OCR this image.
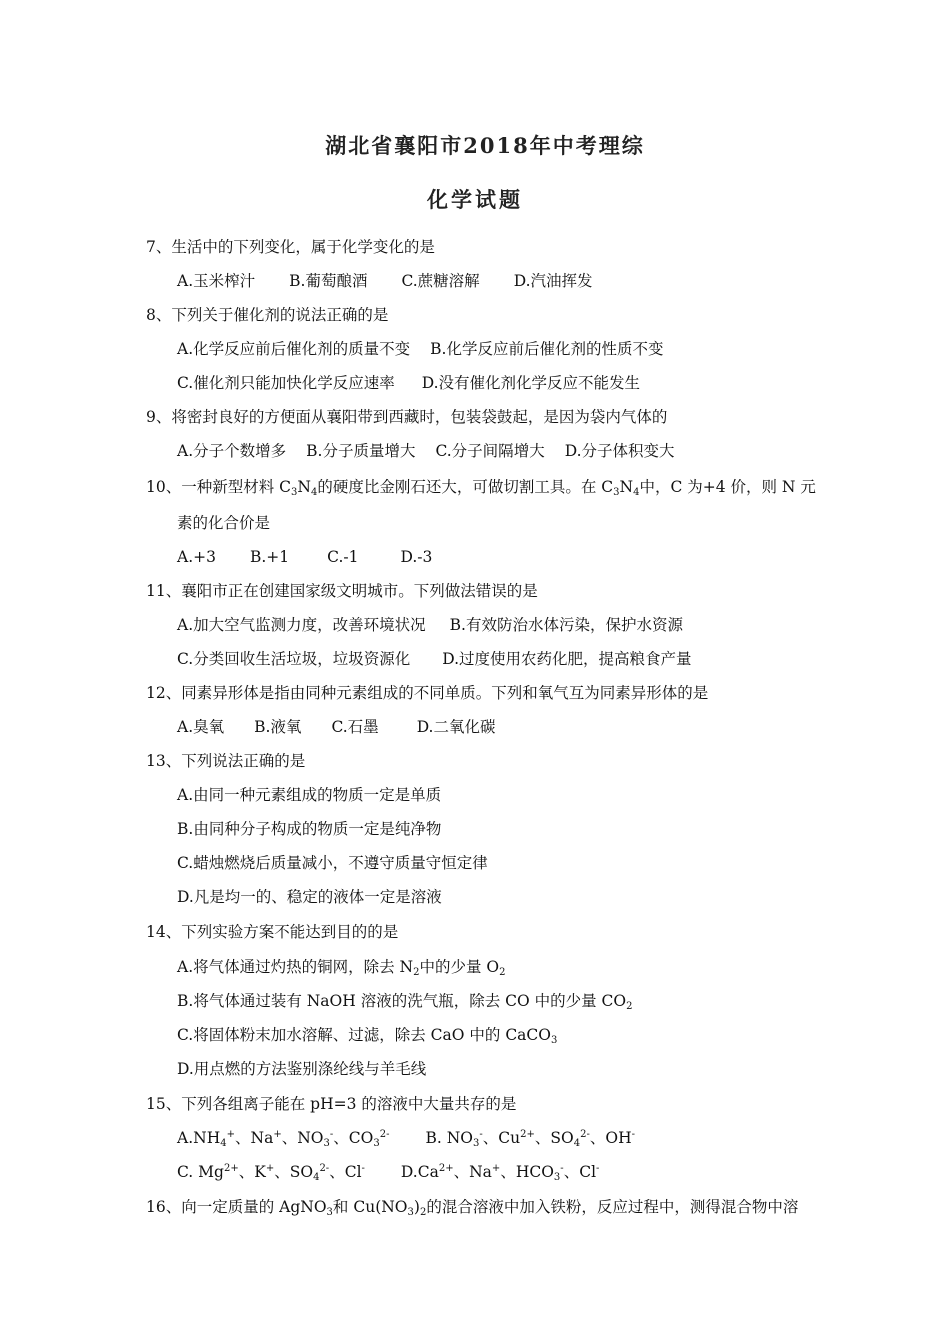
湖北省襄阳市2018年中考理综
化学试题
7、生活中的下列变化，属于化学变化的是
A.玉米榨汁 B.葡萄酿酒 C.蔗糖溶解 D.汽油挥发
8、下列关于催化剂的说法正确的是
A.化学反应前后催化剂的质量不变 B.化学反应前后催化剂的性质不变
C.催化剂只能加快化学反应速率 D.没有催化剂化学反应不能发生
9、将密封良好的方便面从襄阳带到西藏时，包装袋鼓起，是因为袋内气体的
A.分子个数增多 B.分子质量增大 C.分子间隔增大 D.分子体积变大
10、一种新型材料 $C_3N_4$的硬度比金刚石还大，可做切割工具。在 $C_3N_4$中，C 为+4 价，则 N 元
素的化合价是
A.+3 B.+1 C.-1	D.-3
11、襄阳市正在创建国家级文明城市。下列做法错误的是
A.加大空气监测力度，改善环境状况 B.有效防治水体污染，保护水资源
C.分类回收生活垃圾，垃圾资源化 D.过度使用农药化肥，提高粮食产量
12、同素异形体是指由同种元素组成的不同单质。下列和氧气互为同素异形体的是
A.臭氧 B.液氧 C.石墨 D.二氧化碳
13、下列说法正确的是
A.由同一种元素组成的物质一定是单质
B.由同种分子构成的物质一定是纯净物
C.蜡烛燃烧后质量减小，不遵守质量守恒定律
D.凡是均一的、稳定的液体一定是溶液
14、下列实验方案不能达到目的的是
A.将气体通过灼热的铜网，除去 $N_2$中的少量 $O_2$
B.将气体通过装有 NaOH 溶液的洗气瓶，除去 CO 中的少量 $CO_2$
C.将固体粉末加水溶解、过滤，除去 CaO 中的 CaCO$_3$
D.用点燃的方法鉴别涤纶线与羊毛线
15、下列各组离子能在 pH=3 的溶液中大量共存的是
$A.NH_4^+$、Na+、$NO_3^-$、$CO_3^{2-}$ B. $NO_3^-$、$Cu^{2+}$、$SO_4^{2-}$、OH-
C. $Mg^{2+}$、K+、$SO_4^{2-}$、Cl- $D.Ca^{2+}$、Na+、$HCO_3^-$、Cl-
16、向一定质量的 AgNO$_3$和 $Cu(NO_3)_2$的混合溶液中加入铁粉，反应过程中，测得混合物中溶
